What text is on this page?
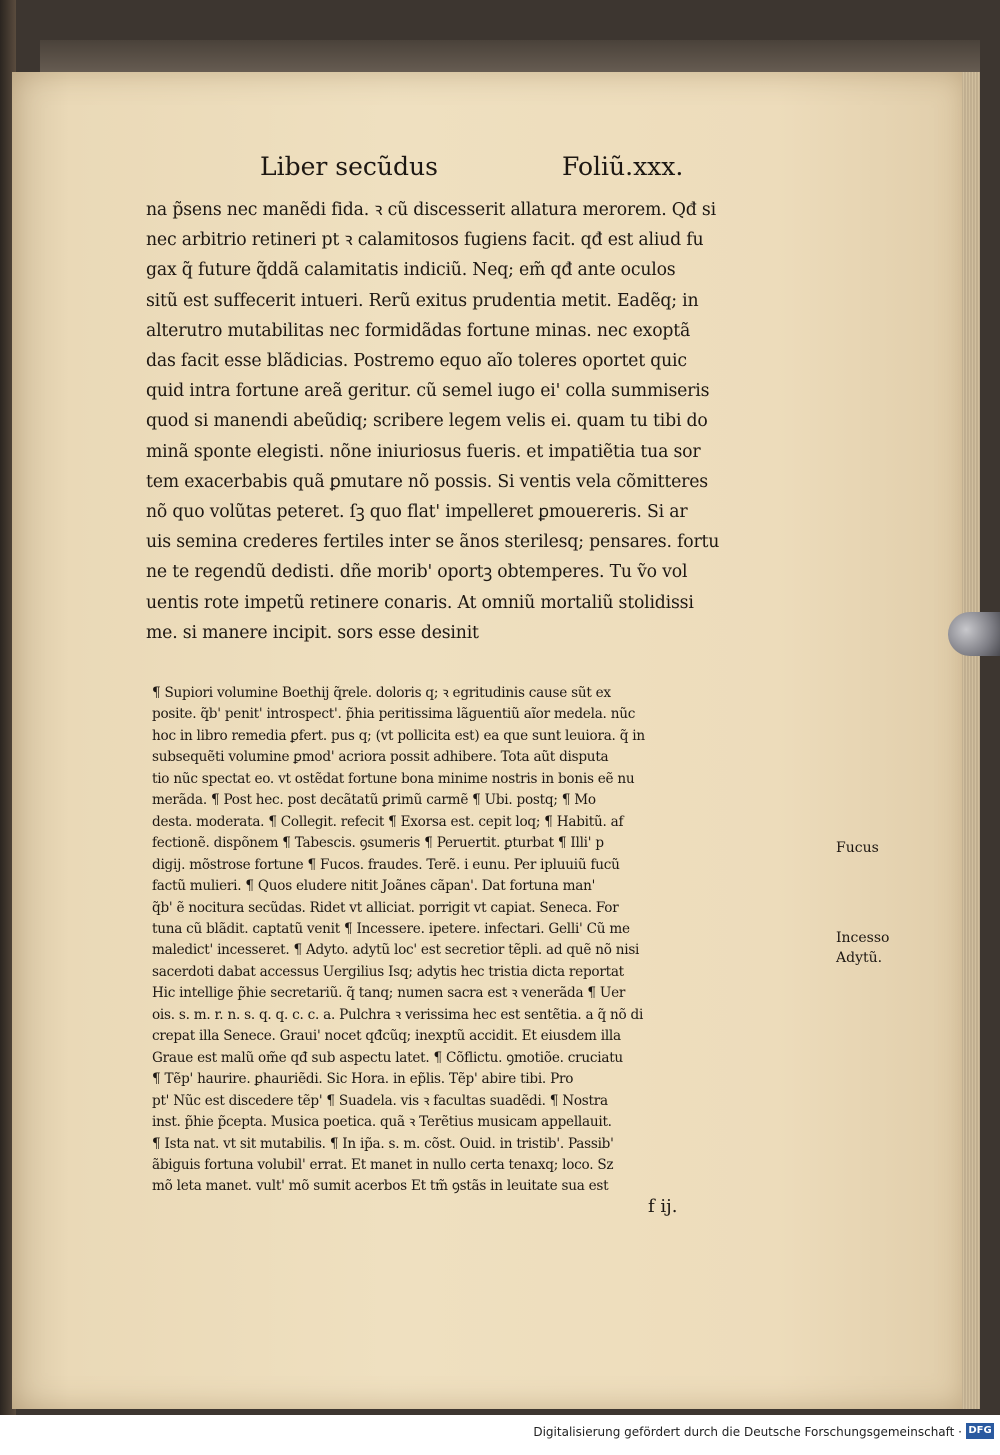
Liber secũdus	Foliũ.xxx.
na p̃sens nec manẽdi fida. ꝛ cũ discesserit allatura merorem. Qđ si
nec arbitrio retineri pt ꝛ calamitosos fugiens facit. qđ est aliud fu
gax q̃ future q̃ddã calamitatis indiciũ. Neq; em̃ qđ ante oculos
sitũ est suffecerit intueri. Rerũ exitus prudentia metit. Eadẽq; in
alterutro mutabilitas nec formidãdas fortune minas. nec exoptã
das facit esse blãdicias. Postremo equo aĩo toleres oportet quic
quid intra fortune areã geritur. cũ semel iugo ei' colla summiseris
quod si manendi abeũdiq; scribere legem velis ei. quam tu tibi do
minã sponte elegisti. nõne iniuriosus fueris. et impatiẽtia tua sor
tem exacerbabis quã ꝑmutare nõ possis. Si ventis vela cõmitteres
nõ quo volũtas peteret. ſꝫ quo flat' impelleret ꝑmouereris. Si ar
uis semina crederes fertiles inter se ãnos sterilesq; pensares. fortu
ne te regendũ dedisti. dñe morib' oportꝫ obtemperes. Tu ṽo vol
uentis rote impetũ retinere conaris. At omniũ mortaliũ stolidissi
me. si manere incipit. sors esse desinit
¶ Supiori volumine Boethij q̃rele. doloris q; ꝛ egritudinis cause sũt ex
posite. q̃b' penit' introspect'. p̃hia peritissima lãguentiũ aĩor medela. nũc
hoc in libro remedia ꝑfert. pus q; (vt pollicita est) ea que sunt leuiora. q̃ in
subsequẽti volumine ꝑmod' acriora possit adhibere. Tota aũt disputa
tio nũc spectat eo. vt ostẽdat fortune bona minime nostris in bonis eẽ nu
merãda. ¶ Post hec. post decãtatũ ꝑrimũ carmẽ ¶ Ubi. postq; ¶ Mo
desta. moderata. ¶ Collegit. refecit ¶ Exorsa est. cepit loq; ¶ Habitũ. af
fectionẽ. dispõnem ¶ Tabescis. ꝯsumeris ¶ Peruertit. ꝑturbat ¶ Illi' p
digij. mõstrose fortune ¶ Fucos. fraudes. Terẽ. i eunu. Per ipluuiũ fucũ
factũ mulieri. ¶ Quos eludere nitit Joãnes cãpan'. Dat fortuna man'
q̃b' ẽ nocitura secũdas. Ridet vt alliciat. porrigit vt capiat. Seneca. For
tuna cũ blãdit. captatũ venit ¶ Incessere. ipetere. infectari. Gelli' Cũ me
maledict' incesseret. ¶ Adyto. adytũ loc' est secretior tẽpli. ad quẽ nõ nisi
sacerdoti dabat accessus Uergilius Isq; adytis hec tristia dicta reportat
Hic intellige p̃hie secretariũ. q̃ tanq; numen sacra est ꝛ venerãda ¶ Uer
ois. s. m. r. n. s. q. q. c. c. a. Pulchra ꝛ verissima hec est sentẽtia. a q̃ nõ di
crepat illa Senece. Graui' nocet qđcũq; inexptũ accidit. Et eiusdem illa
Graue est malũ om̃e qđ sub aspectu latet. ¶ Cõflictu. ꝯmotiõe. cruciatu
¶ Tẽp' haurire. ꝑhauriẽdi. Sic Hora. in ep̃lis. Tẽp' abire tibi. Pro
pt' Nũc est discedere tẽp' ¶ Suadela. vis ꝛ facultas suadẽdi. ¶ Nostra
inst. p̃hie p̃cepta. Musica poetica. quã ꝛ Terẽtius musicam appellauit.
¶ Ista nat. vt sit mutabilis. ¶ In ip̃a. s. m. cõst. Ouid. in tristib'. Passib'
ãbiguis fortuna volubil' errat. Et manet in nullo certa tenaxq; loco. Sz
mõ leta manet. vult' mõ sumit acerbos Et tm̃ ꝯstãs in leuitate sua est
Fucus
Incesso
Adytũ.
f ij.
Digitalisierung gefördert durch die Deutsche Forschungsgemeinschaft · DFG
